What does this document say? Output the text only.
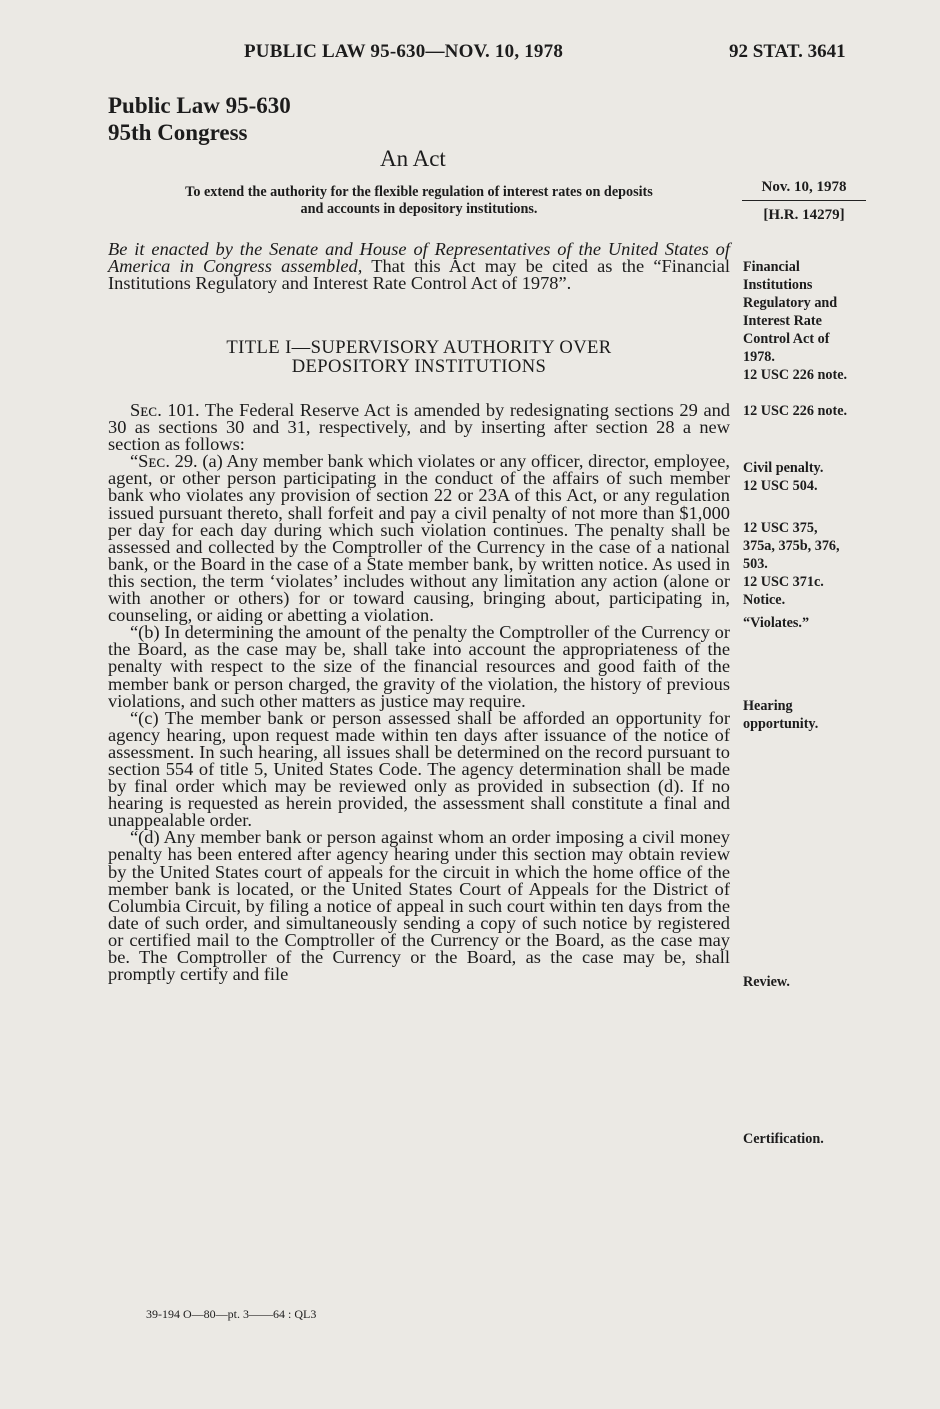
PUBLIC LAW 95-630—NOV. 10, 1978	92 STAT. 3641
Public Law 95-630
95th Congress
An Act
To extend the authority for the flexible regulation of interest rates on deposits
and accounts in depository institutions.
Nov. 10, 1978
[H.R. 14279]
Be it enacted by the Senate and House of Representatives of the United States of America in Congress assembled, That this Act may be cited as the “Financial Institutions Regulatory and Interest Rate Control Act of 1978”.
TITLE I—SUPERVISORY AUTHORITY OVER
DEPOSITORY INSTITUTIONS

Sᴇᴄ. 101. The Federal Reserve Act is amended by redesignating sections 29 and 30 as sections 30 and 31, respectively, and by inserting after section 28 a new section as follows:

“Sᴇᴄ. 29. (a) Any member bank which violates or any officer, director, employee, agent, or other person participating in the conduct of the affairs of such member bank who violates any provision of section 22 or 23A of this Act, or any regulation issued pursuant thereto, shall forfeit and pay a civil penalty of not more than $1,000 per day for each day during which such violation continues. The penalty shall be assessed and collected by the Comptroller of the Currency in the case of a national bank, or the Board in the case of a State member bank, by written notice. As used in this section, the term ‘violates’ includes without any limitation any action (alone or with another or others) for or toward causing, bringing about, participating in, counseling, or aiding or abetting a violation.

“(b) In determining the amount of the penalty the Comptroller of the Currency or the Board, as the case may be, shall take into account the appropriateness of the penalty with respect to the size of the financial resources and good faith of the member bank or person charged, the gravity of the violation, the history of previous violations, and such other matters as justice may require.

“(c) The member bank or person assessed shall be afforded an opportunity for agency hearing, upon request made within ten days after issuance of the notice of assessment. In such hearing, all issues shall be determined on the record pursuant to section 554 of title 5, United States Code. The agency determination shall be made by final order which may be reviewed only as provided in subsection (d). If no hearing is requested as herein provided, the assessment shall constitute a final and unappealable order.

“(d) Any member bank or person against whom an order imposing a civil money penalty has been entered after agency hearing under this section may obtain review by the United States court of appeals for the circuit in which the home office of the member bank is located, or the United States Court of Appeals for the District of Columbia Circuit, by filing a notice of appeal in such court within ten days from the date of such order, and simultaneously sending a copy of such notice by registered or certified mail to the Comptroller of the Currency or the Board, as the case may be. The Comptroller of the Currency or the Board, as the case may be, shall promptly certify and file

Financial
Institutions
Regulatory and
Interest Rate
Control Act of
1978.
12 USC 226 note.
12 USC 226 note.
Civil penalty.
12 USC 504.
12 USC 375,
375a, 375b, 376,
503.
12 USC 371c.
Notice.
“Violates.”
Hearing
opportunity.
Review.
Certification.
39-194 O—80—pt. 3——64 : QL3
